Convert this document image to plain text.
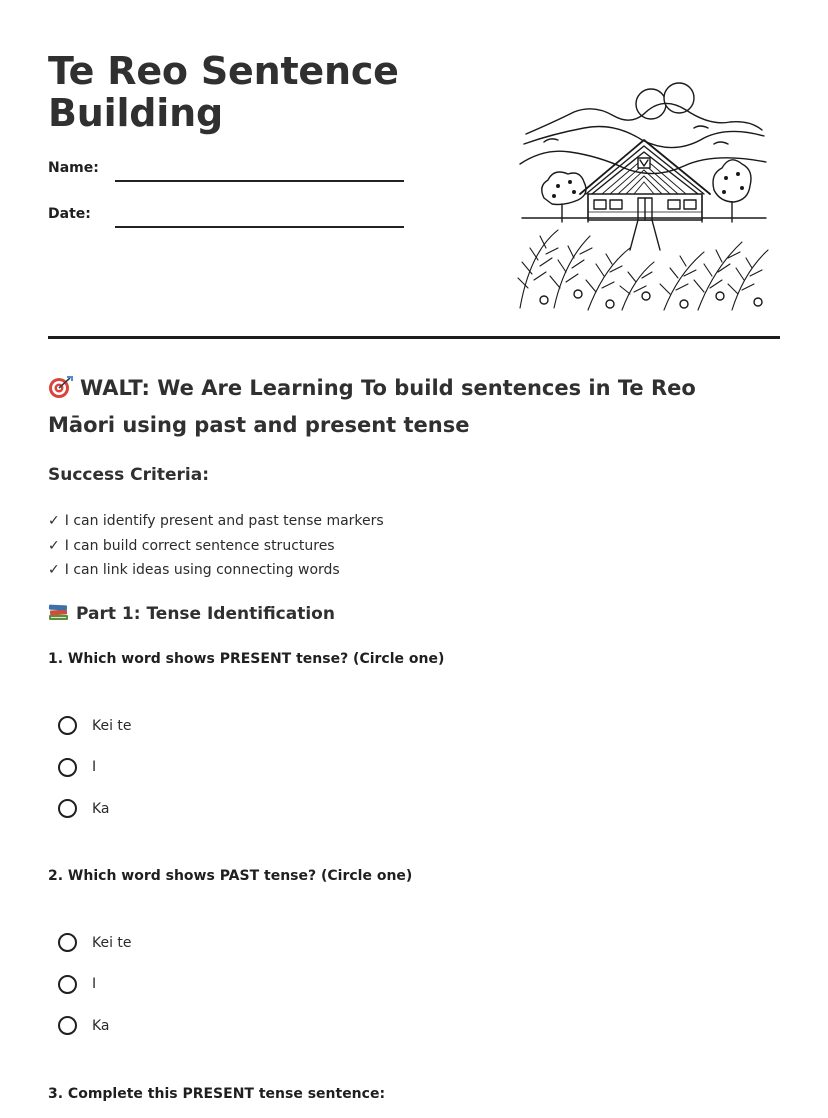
Te Reo Sentence Building
Name:
Date:
WALT: We Are Learning To build sentences in Te Reo Māori using past and present tense
Success Criteria:
✓ I can identify present and past tense markers
✓ I can build correct sentence structures
✓ I can link ideas using connecting words
Part 1: Tense Identification

1. Which word shows PRESENT tense? (Circle one)

Kei te
I
Ka

2. Which word shows PAST tense? (Circle one)

Kei te
I
Ka

3. Complete this PRESENT tense sentence:
